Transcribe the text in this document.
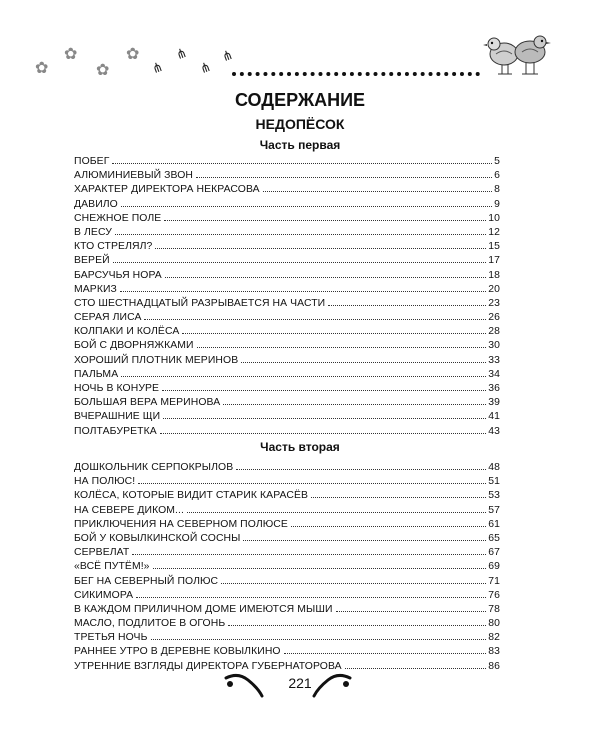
✿
✿
✿
✿
⋔
⋔
⋔
⋔
СОДЕРЖАНИЕ
НЕДОПЁСОК
Часть первая
ПОБЕГ	5
АЛЮМИНИЕВЫЙ ЗВОН	6
ХАРАКТЕР ДИРЕКТОРА НЕКРАСОВА	8
ДАВИЛО	9
СНЕЖНОЕ ПОЛЕ	10
В ЛЕСУ	12
КТО СТРЕЛЯЛ?	15
ВЕРЕЙ	17
БАРСУЧЬЯ НОРА	18
МАРКИЗ	20
СТО ШЕСТНАДЦАТЫЙ РАЗРЫВАЕТСЯ НА ЧАСТИ	23
СЕРАЯ ЛИСА	26
КОЛПАКИ И КОЛЁСА	28
БОЙ С ДВОРНЯЖКАМИ	30
ХОРОШИЙ ПЛОТНИК МЕРИНОВ	33
ПАЛЬМА	34
НОЧЬ В КОНУРЕ	36
БОЛЬШАЯ ВЕРА МЕРИНОВА	39
ВЧЕРАШНИЕ ЩИ	41
ПОЛТАБУРЕТКА	43
Часть вторая
ДОШКОЛЬНИК СЕРПОКРЫЛОВ	48
НА ПОЛЮС!	51
КОЛЁСА, КОТОРЫЕ ВИДИТ СТАРИК КАРАСЁВ	53
НА СЕВЕРЕ ДИКОМ...	57
ПРИКЛЮЧЕНИЯ НА СЕВЕРНОМ ПОЛЮСЕ	61
БОЙ У КОВЫЛКИНСКОЙ СОСНЫ	65
СЕРВЕЛАТ	67
«ВСЁ ПУТЁМ!»	69
БЕГ НА СЕВЕРНЫЙ ПОЛЮС	71
СИКИМОРА	76
В КАЖДОМ ПРИЛИЧНОМ ДОМЕ ИМЕЮТСЯ МЫШИ	78
МАСЛО, ПОДЛИТОЕ В ОГОНЬ	80
ТРЕТЬЯ НОЧЬ	82
РАННЕЕ УТРО В ДЕРЕВНЕ КОВЫЛКИНО	83
УТРЕННИЕ ВЗГЛЯДЫ ДИРЕКТОРА ГУБЕРНАТОРОВА	86
221
